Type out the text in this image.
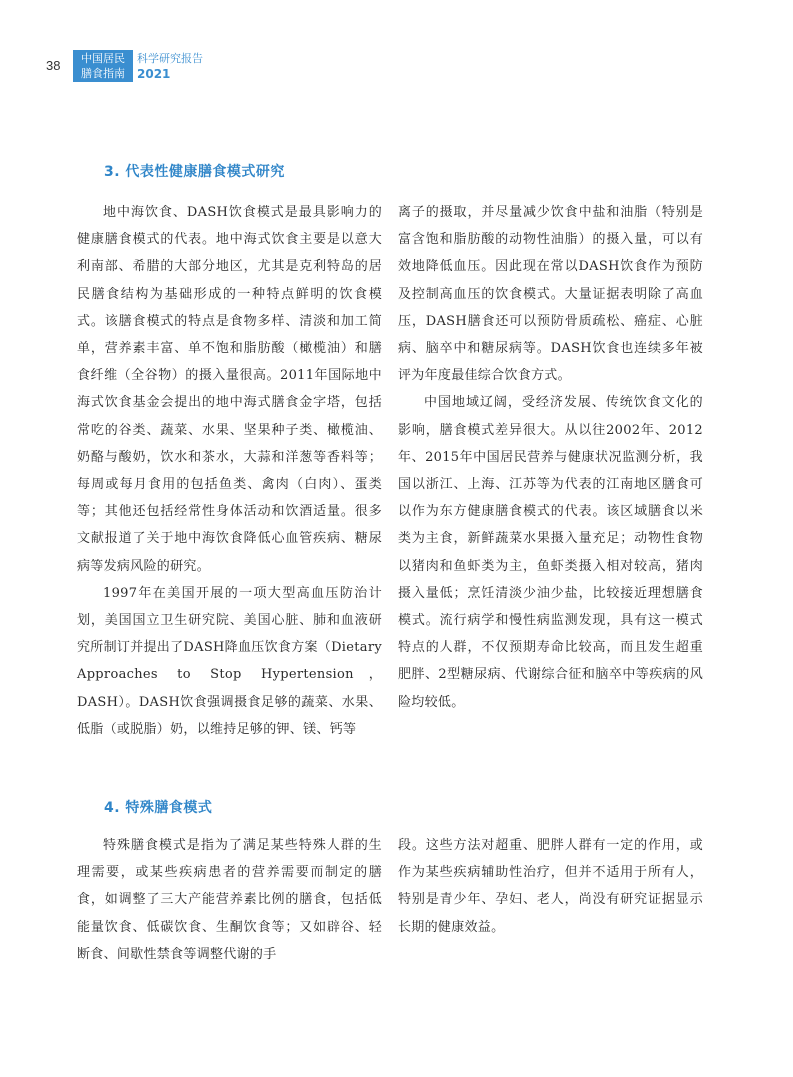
38	中国居民
膳食指南
科学研究报告
2021
3. 代表性健康膳食模式研究

地中海饮食、DASH饮食模式是最具影响力的健康膳食模式的代表。地中海式饮食主要是以意大利南部、希腊的大部分地区，尤其是克利特岛的居民膳食结构为基础形成的一种特点鲜明的饮食模式。该膳食模式的特点是食物多样、清淡和加工简单，营养素丰富、单不饱和脂肪酸（橄榄油）和膳食纤维（全谷物）的摄入量很高。2011年国际地中海式饮食基金会提出的地中海式膳食金字塔，包括常吃的谷类、蔬菜、水果、坚果种子类、橄榄油、奶酪与酸奶，饮水和茶水，大蒜和洋葱等香料等；每周或每月食用的包括鱼类、禽肉（白肉）、蛋类等；其他还包括经常性身体活动和饮酒适量。很多文献报道了关于地中海饮食降低心血管疾病、糖尿病等发病风险的研究。

1997年在美国开展的一项大型高血压防治计划，美国国立卫生研究院、美国心脏、肺和血液研究所制订并提出了DASH降血压饮食方案（Dietary Approaches to Stop Hypertension，DASH）。DASH饮食强调摄食足够的蔬菜、水果、低脂（或脱脂）奶，以维持足够的钾、镁、钙等

离子的摄取，并尽量减少饮食中盐和油脂（特别是富含饱和脂肪酸的动物性油脂）的摄入量，可以有效地降低血压。因此现在常以DASH饮食作为预防及控制高血压的饮食模式。大量证据表明除了高血压，DASH膳食还可以预防骨质疏松、癌症、心脏病、脑卒中和糖尿病等。DASH饮食也连续多年被评为年度最佳综合饮食方式。

中国地域辽阔，受经济发展、传统饮食文化的影响，膳食模式差异很大。从以往2002年、2012年、2015年中国居民营养与健康状况监测分析，我国以浙江、上海、江苏等为代表的江南地区膳食可以作为东方健康膳食模式的代表。该区域膳食以米类为主食，新鲜蔬菜水果摄入量充足；动物性食物以猪肉和鱼虾类为主，鱼虾类摄入相对较高，猪肉摄入量低；烹饪清淡少油少盐，比较接近理想膳食模式。流行病学和慢性病监测发现，具有这一模式特点的人群，不仅预期寿命比较高，而且发生超重肥胖、2型糖尿病、代谢综合征和脑卒中等疾病的风险均较低。

4. 特殊膳食模式

特殊膳食模式是指为了满足某些特殊人群的生理需要，或某些疾病患者的营养需要而制定的膳食，如调整了三大产能营养素比例的膳食，包括低能量饮食、低碳饮食、生酮饮食等；又如辟谷、轻断食、间歇性禁食等调整代谢的手

段。这些方法对超重、肥胖人群有一定的作用，或作为某些疾病辅助性治疗，但并不适用于所有人，特别是青少年、孕妇、老人，尚没有研究证据显示长期的健康效益。
